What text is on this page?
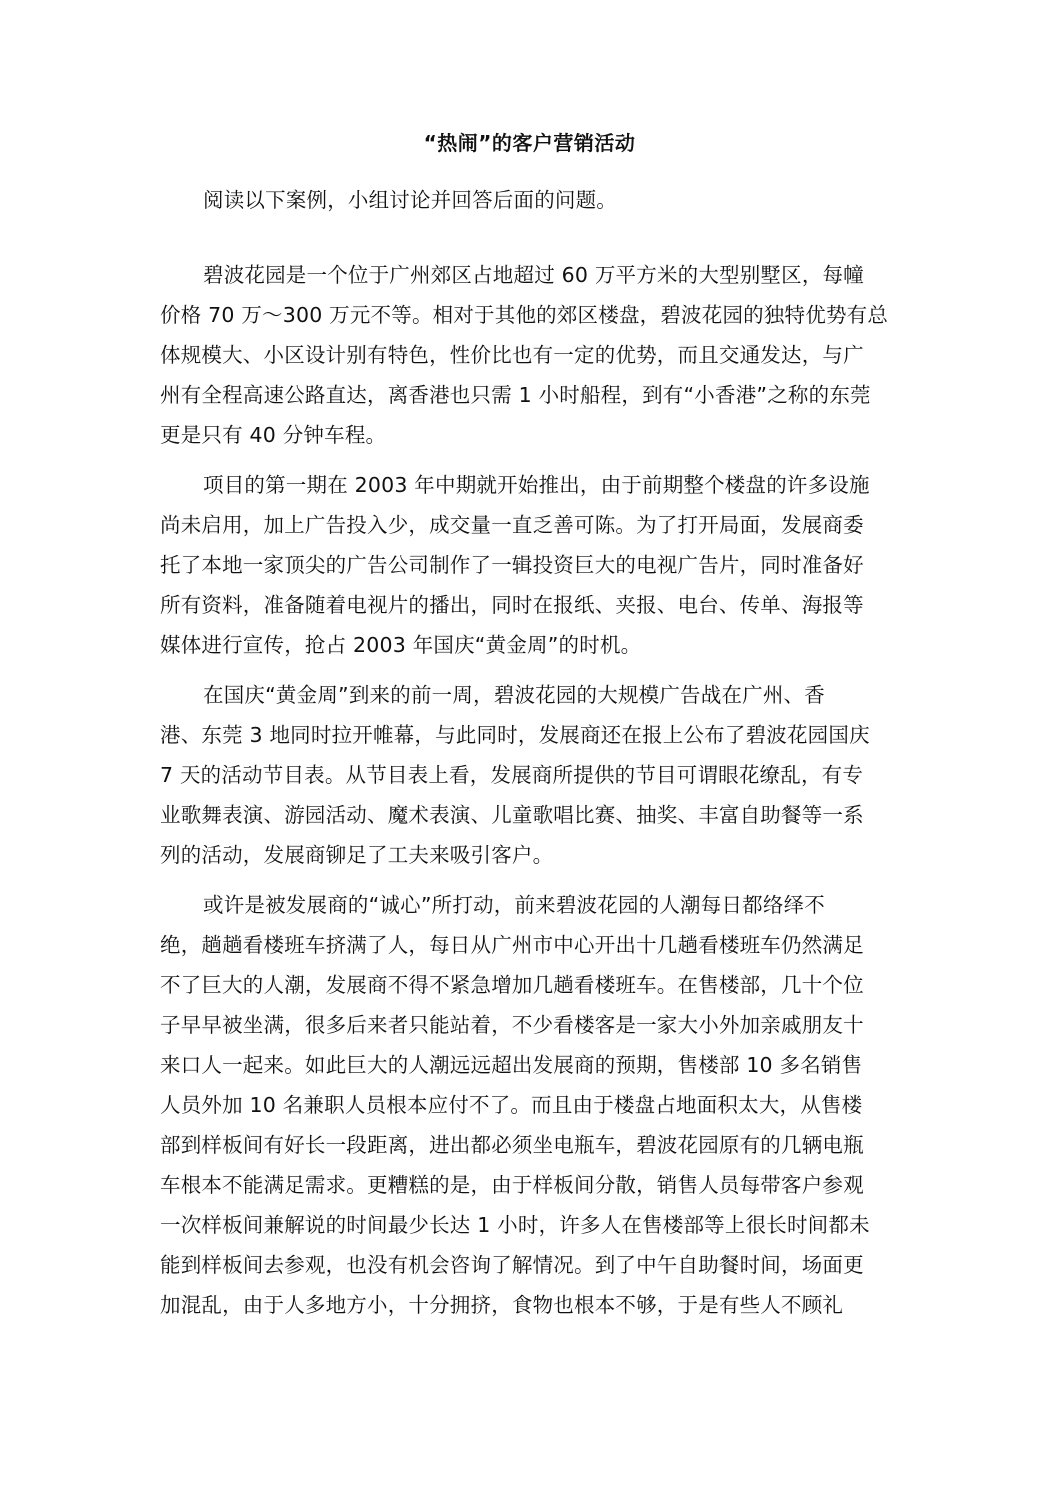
“热闹”的客户营销活动
阅读以下案例，小组讨论并回答后面的问题。
碧波花园是一个位于广州郊区占地超过 60 万平方米的大型别墅区，每幢
价格 70 万～300 万元不等。相对于其他的郊区楼盘，碧波花园的独特优势有总
体规模大、小区设计别有特色，性价比也有一定的优势，而且交通发达，与广
州有全程高速公路直达，离香港也只需 1 小时船程，到有“小香港”之称的东莞
更是只有 40 分钟车程。
项目的第一期在 2003 年中期就开始推出，由于前期整个楼盘的许多设施
尚未启用，加上广告投入少，成交量一直乏善可陈。为了打开局面，发展商委
托了本地一家顶尖的广告公司制作了一辑投资巨大的电视广告片，同时准备好
所有资料，准备随着电视片的播出，同时在报纸、夹报、电台、传单、海报等
媒体进行宣传，抢占 2003 年国庆“黄金周”的时机。
在国庆“黄金周”到来的前一周，碧波花园的大规模广告战在广州、香
港、东莞 3 地同时拉开帷幕，与此同时，发展商还在报上公布了碧波花园国庆
7 天的活动节目表。从节目表上看，发展商所提供的节目可谓眼花缭乱，有专
业歌舞表演、游园活动、魔术表演、儿童歌唱比赛、抽奖、丰富自助餐等一系
列的活动，发展商铆足了工夫来吸引客户。
或许是被发展商的“诚心”所打动，前来碧波花园的人潮每日都络绎不
绝，趟趟看楼班车挤满了人，每日从广州市中心开出十几趟看楼班车仍然满足
不了巨大的人潮，发展商不得不紧急增加几趟看楼班车。在售楼部，几十个位
子早早被坐满，很多后来者只能站着，不少看楼客是一家大小外加亲戚朋友十
来口人一起来。如此巨大的人潮远远超出发展商的预期，售楼部 10 多名销售
人员外加 10 名兼职人员根本应付不了。而且由于楼盘占地面积太大，从售楼
部到样板间有好长一段距离，进出都必须坐电瓶车，碧波花园原有的几辆电瓶
车根本不能满足需求。更糟糕的是，由于样板间分散，销售人员每带客户参观
一次样板间兼解说的时间最少长达 1 小时，许多人在售楼部等上很长时间都未
能到样板间去参观，也没有机会咨询了解情况。到了中午自助餐时间，场面更
加混乱，由于人多地方小，十分拥挤，食物也根本不够，于是有些人不顾礼
